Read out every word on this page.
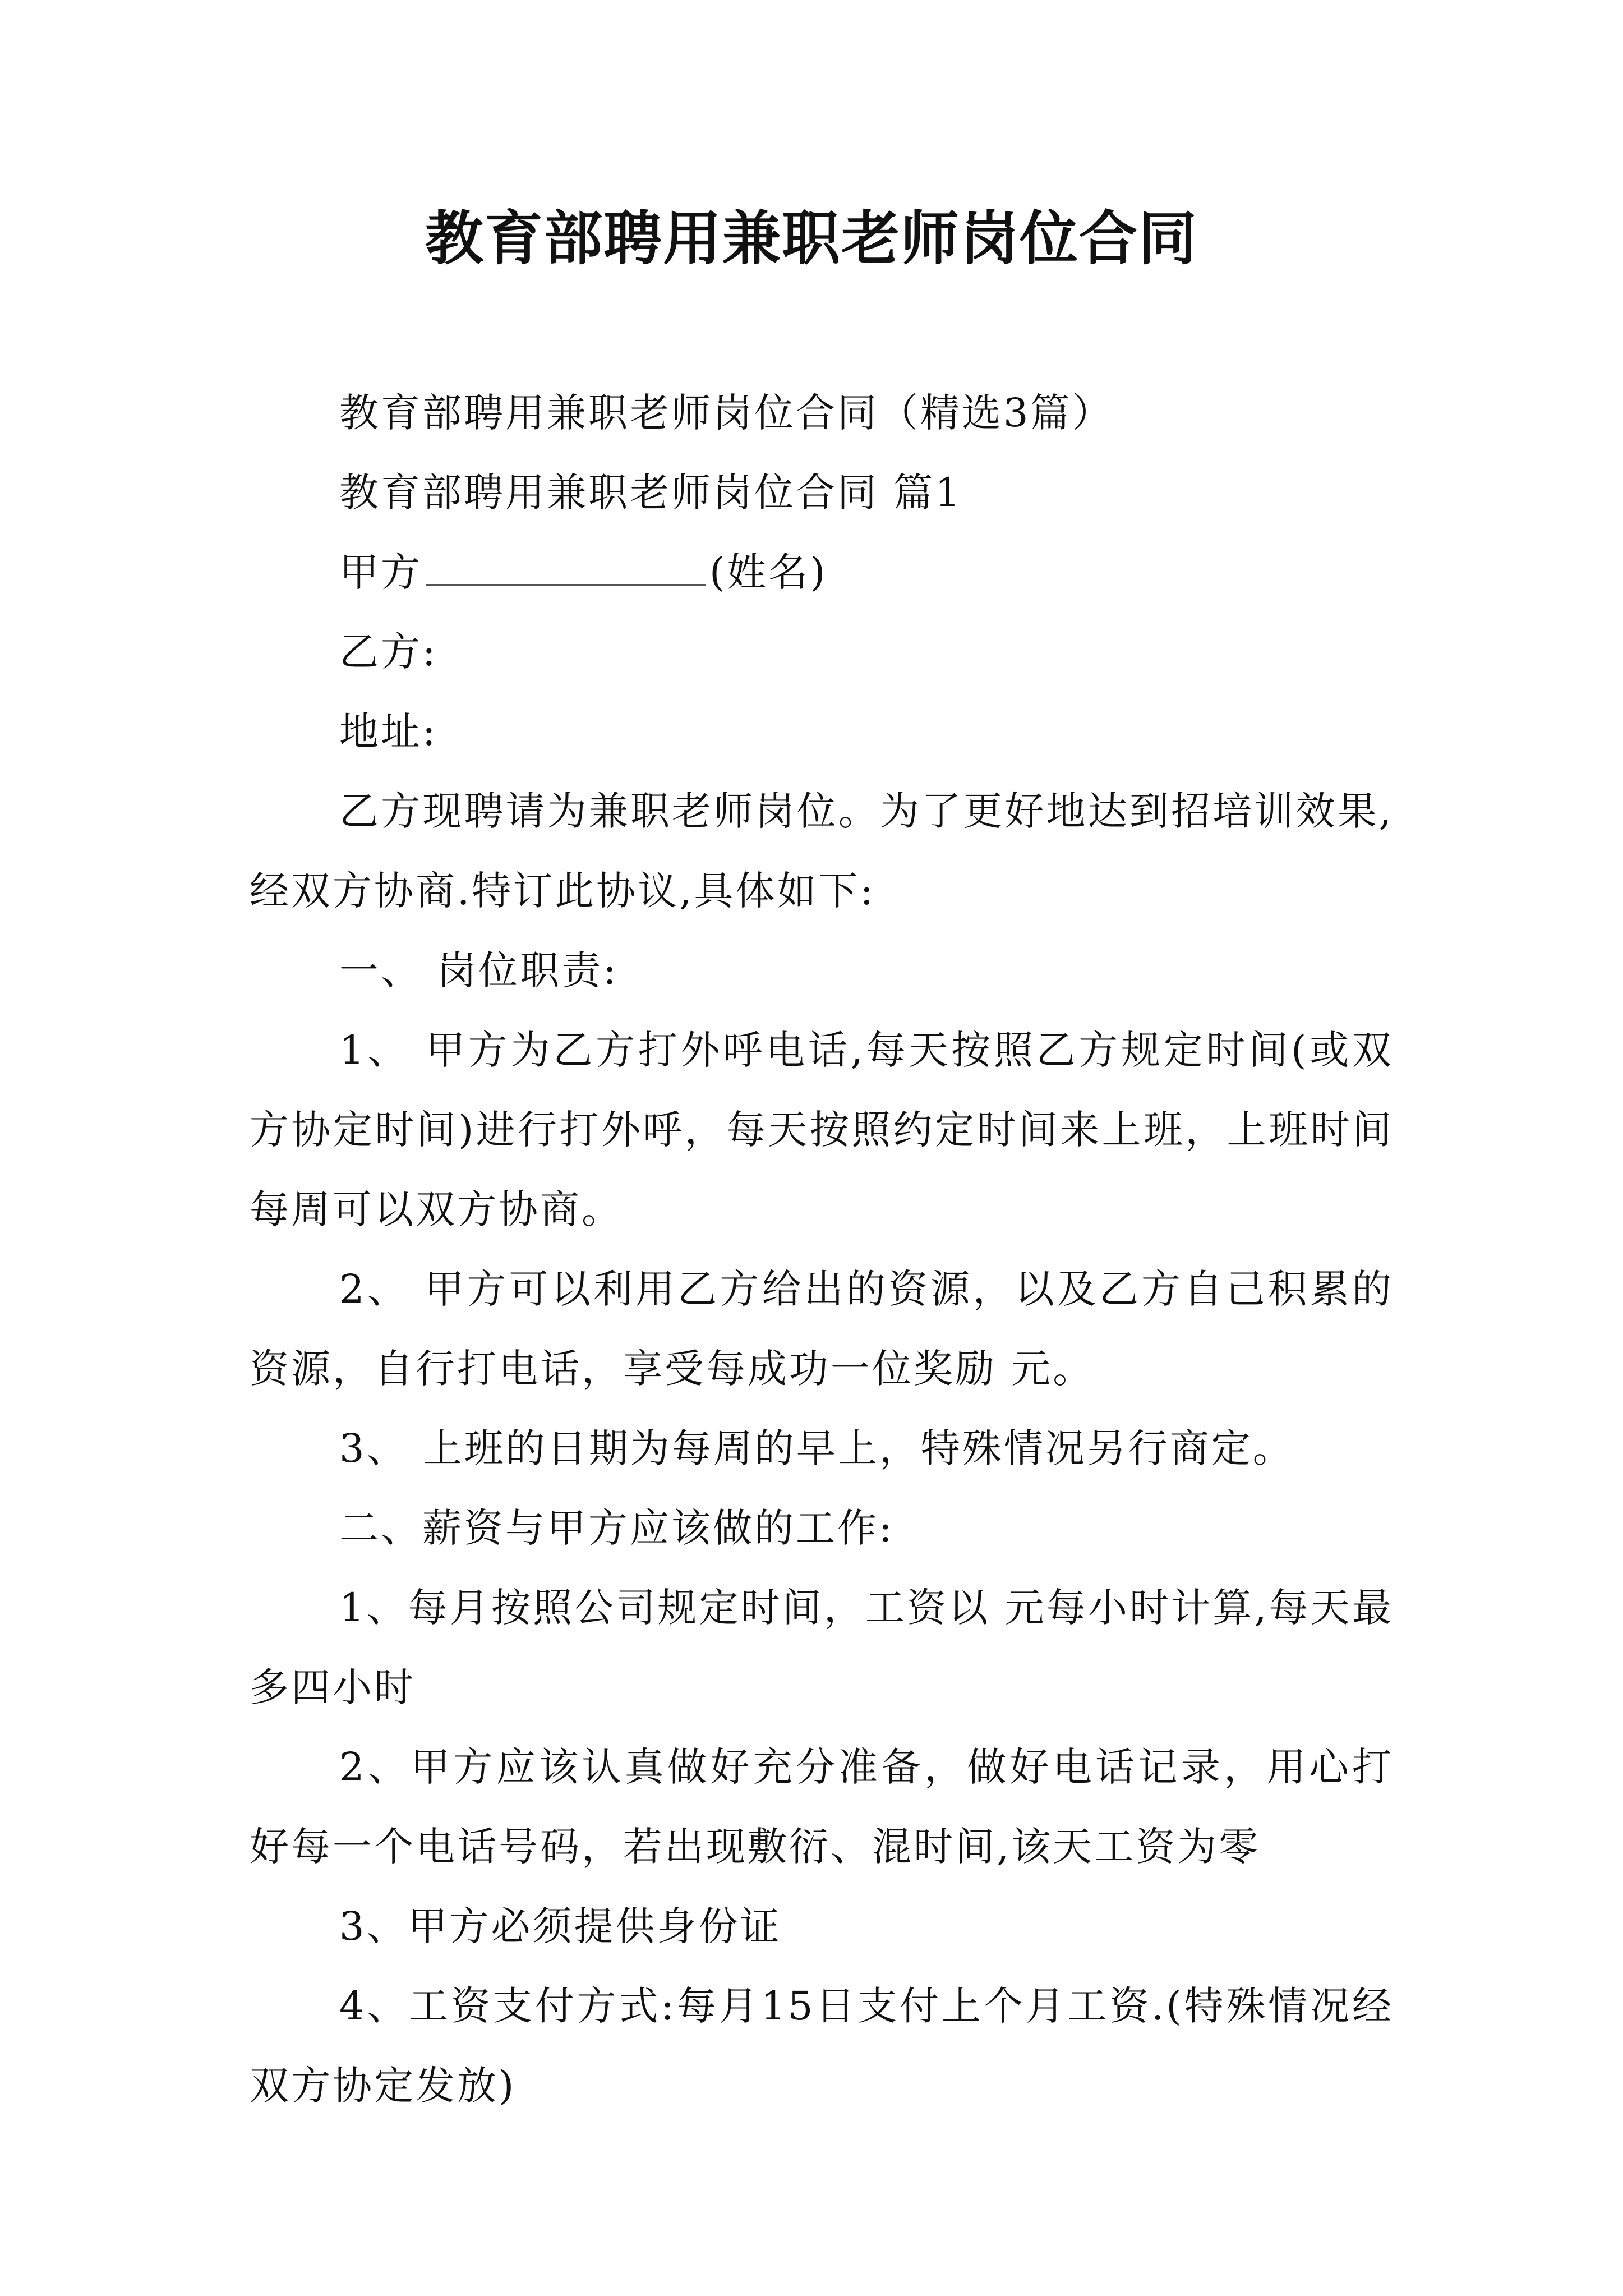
教育部聘用兼职老师岗位合同

教育部聘用兼职老师岗位合同（精选3篇）

教育部聘用兼职老师岗位合同 篇1

甲方	(姓名)

乙方:

地址:

乙方现聘请为兼职老师岗位。为了更好地达到招培训效果,经双方协商.特订此协议,具体如下:

一、 岗位职责:

1、 甲方为乙方打外呼电话,每天按照乙方规定时间(或双方协定时间)进行打外呼，每天按照约定时间来上班，上班时间每周可以双方协商。

2、 甲方可以利用乙方给出的资源，以及乙方自己积累的资源，自行打电话，享受每成功一位奖励 元。

3、 上班的日期为每周的早上，特殊情况另行商定。

二、薪资与甲方应该做的工作:

1、每月按照公司规定时间，工资以 元每小时计算,每天最多四小时

2、甲方应该认真做好充分准备，做好电话记录，用心打好每一个电话号码，若出现敷衍、混时间,该天工资为零

3、甲方必须提供身份证

4、工资支付方式:每月15日支付上个月工资.(特殊情况经双方协定发放)
